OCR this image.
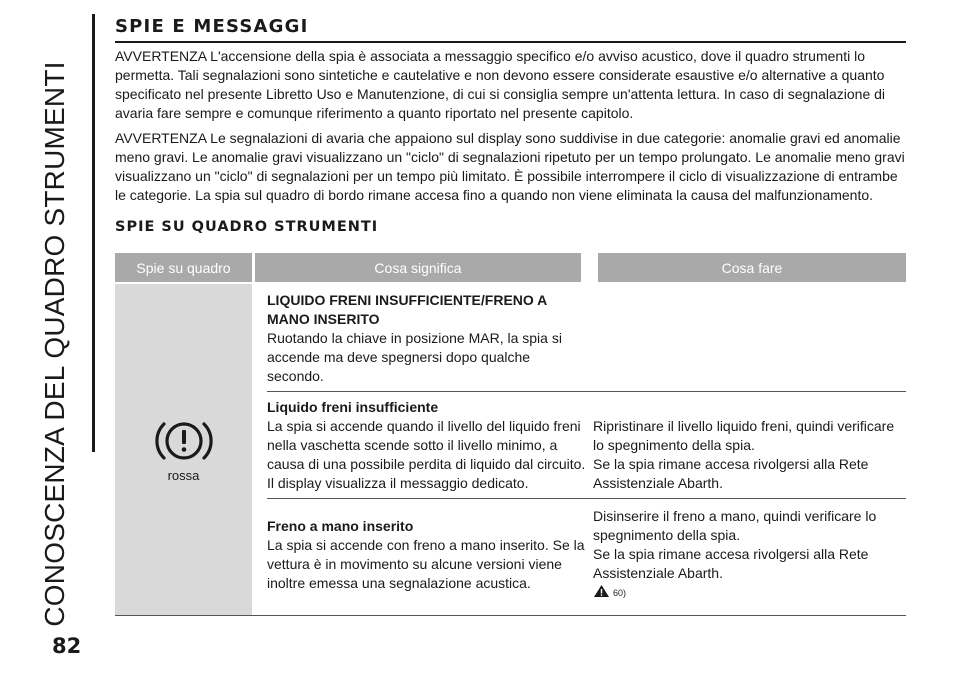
CONOSCENZA DEL QUADRO STRUMENTI
82
SPIE E MESSAGGI

AVVERTENZA L'accensione della spia è associata a messaggio specifico e/o avviso acustico, dove il quadro strumenti lo permetta. Tali segnalazioni sono sintetiche e cautelative e non devono essere considerate esaustive e/o alternative a quanto specificato nel presente Libretto Uso e Manutenzione, di cui si consiglia sempre un'attenta lettura. In caso di segnalazione di avaria fare sempre e comunque riferimento a quanto riportato nel presente capitolo.

AVVERTENZA Le segnalazioni di avaria che appaiono sul display sono suddivise in due categorie: anomalie gravi ed anomalie meno gravi. Le anomalie gravi visualizzano un "ciclo" di segnalazioni ripetuto per un tempo prolungato. Le anomalie meno gravi visualizzano un "ciclo" di segnalazioni per un tempo più limitato. È possibile interrompere il ciclo di visualizzazione di entrambe le categorie. La spia sul quadro di bordo rimane accesa fino a quando non viene eliminata la causa del malfunzionamento.

SPIE SU QUADRO STRUMENTI
Spie su quadro	Cosa significa	Cosa fare
rossa
LIQUIDO FRENI INSUFFICIENTE/FRENO A MANO INSERITO
Ruotando la chiave in posizione MAR, la spia si accende ma deve spegnersi dopo qualche secondo.
Liquido freni insufficiente
La spia si accende quando il livello del liquido freni nella vaschetta scende sotto il livello minimo, a causa di una possibile perdita di liquido dal circuito. Il display visualizza il messaggio dedicato.
Ripristinare il livello liquido freni, quindi verificare lo spegnimento della spia.
Se la spia rimane accesa rivolgersi alla Rete Assistenziale Abarth.
Freno a mano inserito
La spia si accende con freno a mano inserito. Se la vettura è in movimento su alcune versioni viene inoltre emessa una segnalazione acustica.
Disinserire il freno a mano, quindi verificare lo spegnimento della spia.
Se la spia rimane accesa rivolgersi alla Rete Assistenziale Abarth.
60)
